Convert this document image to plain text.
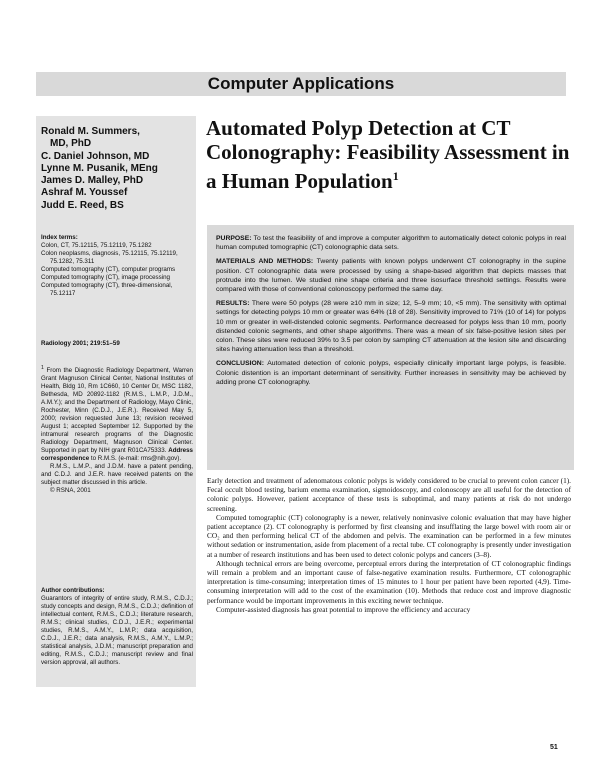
Computer Applications
Ronald M. Summers,
MD, PhD
C. Daniel Johnson, MD
Lynne M. Pusanik, MEng
James D. Malley, PhD
Ashraf M. Youssef
Judd E. Reed, BS
Index terms:
Colon, CT, 75.12115, 75.12119, 75.1282
Colon neoplasms, diagnosis, 75.12115, 75.12119, 75.1282, 75.311
Computed tomography (CT), computer programs
Computed tomography (CT), image processing
Computed tomography (CT), three-dimensional, 75.12117
Radiology 2001; 219:51–59
$^1$ From the Diagnostic Radiology Department, Warren Grant Magnuson Clinical Center, National Institutes of Health, Bldg 10, Rm 1C660, 10 Center Dr, MSC 1182, Bethesda, MD 20892-1182 (R.M.S., L.M.P., J.D.M., A.M.Y.); and the Department of Radiology, Mayo Clinic, Rochester, Minn (C.D.J., J.E.R.). Received May 5, 2000; revision requested June 13; revision received August 1; accepted September 12. Supported by the intramural research programs of the Diagnostic Radiology Department, Magnuson Clinical Center. Supported in part by NIH grant R01CA75333. Address correspondence to R.M.S. (e-mail: rms@nih.gov).
R.M.S., L.M.P., and J.D.M. have a patent pending, and C.D.J. and J.E.R. have received patents on the subject matter discussed in this article.
© RSNA, 2001
Author contributions:
Guarantors of integrity of entire study, R.M.S., C.D.J.; study concepts and design, R.M.S., C.D.J.; definition of intellectual content, R.M.S., C.D.J.; literature research, R.M.S.; clinical studies, C.D.J., J.E.R.; experimental studies, R.M.S., A.M.Y., L.M.P.; data acquisition, C.D.J., J.E.R.; data analysis, R.M.S., A.M.Y., L.M.P.; statistical analysis, J.D.M.; manuscript preparation and editing, R.M.S., C.D.J.; manuscript review and final version approval, all authors.
Automated Polyp Detection at CT Colonography: Feasibility Assessment in a Human Population$^1$

PURPOSE: To test the feasibility of and improve a computer algorithm to automatically detect colonic polyps in real human computed tomographic (CT) colonographic data sets.

MATERIALS AND METHODS: Twenty patients with known polyps underwent CT colonography in the supine position. CT colonographic data were processed by using a shape-based algorithm that depicts masses that protrude into the lumen. We studied nine shape criteria and three isosurface threshold settings. Results were compared with those of conventional colonoscopy performed the same day.

RESULTS: There were 50 polyps (28 were ≥10 mm in size; 12, 5–9 mm; 10, <5 mm). The sensitivity with optimal settings for detecting polyps 10 mm or greater was 64% (18 of 28). Sensitivity improved to 71% (10 of 14) for polyps 10 mm or greater in well-distended colonic segments. Performance decreased for polyps less than 10 mm, poorly distended colonic segments, and other shape algorithms. There was a mean of six false-positive lesion sites per colon. These sites were reduced 39% to 3.5 per colon by sampling CT attenuation at the lesion site and discarding sites having attenuation less than a threshold.

CONCLUSION: Automated detection of colonic polyps, especially clinically important large polyps, is feasible. Colonic distention is an important determinant of sensitivity. Further increases in sensitivity may be achieved by adding prone CT colonography.

Early detection and treatment of adenomatous colonic polyps is widely considered to be crucial to prevent colon cancer (1). Fecal occult blood testing, barium enema examination, sigmoidoscopy, and colonoscopy are all useful for the detection of colonic polyps. However, patient acceptance of these tests is suboptimal, and many patients at risk do not undergo screening.

Computed tomographic (CT) colonography is a newer, relatively noninvasive colonic evaluation that may have higher patient acceptance (2). CT colonography is performed by first cleansing and insufflating the large bowel with room air or CO₂ and then performing helical CT of the abdomen and pelvis. The examination can be performed in a few minutes without sedation or instrumentation, aside from placement of a rectal tube. CT colonography is presently under investigation at a number of research institutions and has been used to detect colonic polyps and cancers (3–8).

Although technical errors are being overcome, perceptual errors during the interpretation of CT colonographic findings will remain a problem and an important cause of false-negative examination results. Furthermore, CT colonographic interpretation is time-consuming; interpretation times of 15 minutes to 1 hour per patient have been reported (4,9). Time-consuming interpretation will add to the cost of the examination (10). Methods that reduce cost and improve diagnostic performance would be important improvements in this exciting newer technique.

Computer-assisted diagnosis has great potential to improve the efficiency and accuracy

51
